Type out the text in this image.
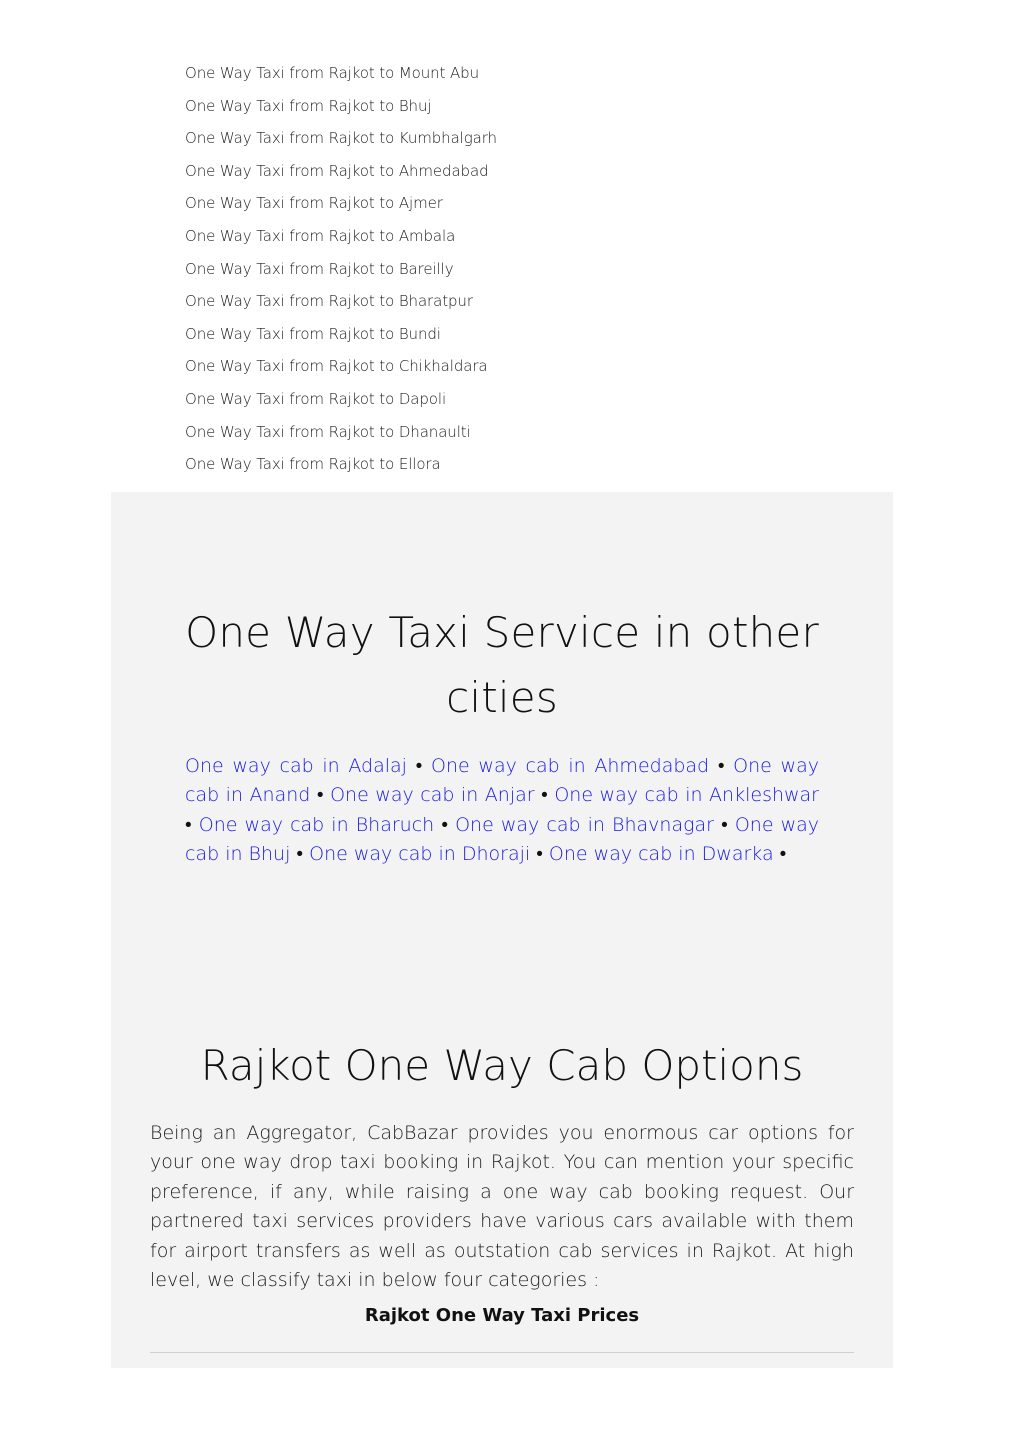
One Way Taxi from Rajkot to Mount Abu
One Way Taxi from Rajkot to Bhuj
One Way Taxi from Rajkot to Kumbhalgarh
One Way Taxi from Rajkot to Ahmedabad
One Way Taxi from Rajkot to Ajmer
One Way Taxi from Rajkot to Ambala
One Way Taxi from Rajkot to Bareilly
One Way Taxi from Rajkot to Bharatpur
One Way Taxi from Rajkot to Bundi
One Way Taxi from Rajkot to Chikhaldara
One Way Taxi from Rajkot to Dapoli
One Way Taxi from Rajkot to Dhanaulti
One Way Taxi from Rajkot to Ellora
One Way Taxi Service in other
cities

One way cab in Adalaj • One way cab in Ahmedabad • One way cab in Anand • One way cab in Anjar • One way cab in Ankleshwar • One way cab in Bharuch • One way cab in Bhavnagar • One way cab in Bhuj • One way cab in Dhoraji • One way cab in Dwarka •

Rajkot One Way Cab Options

Being an Aggregator, CabBazar provides you enormous car options for your one way drop taxi booking in Rajkot. You can mention your specific preference, if any, while raising a one way cab booking request. Our partnered taxi services providers have various cars available with them for airport transfers as well as outstation cab services in Rajkot. At high level, we classify taxi in below four categories :

Rajkot One Way Taxi Prices
